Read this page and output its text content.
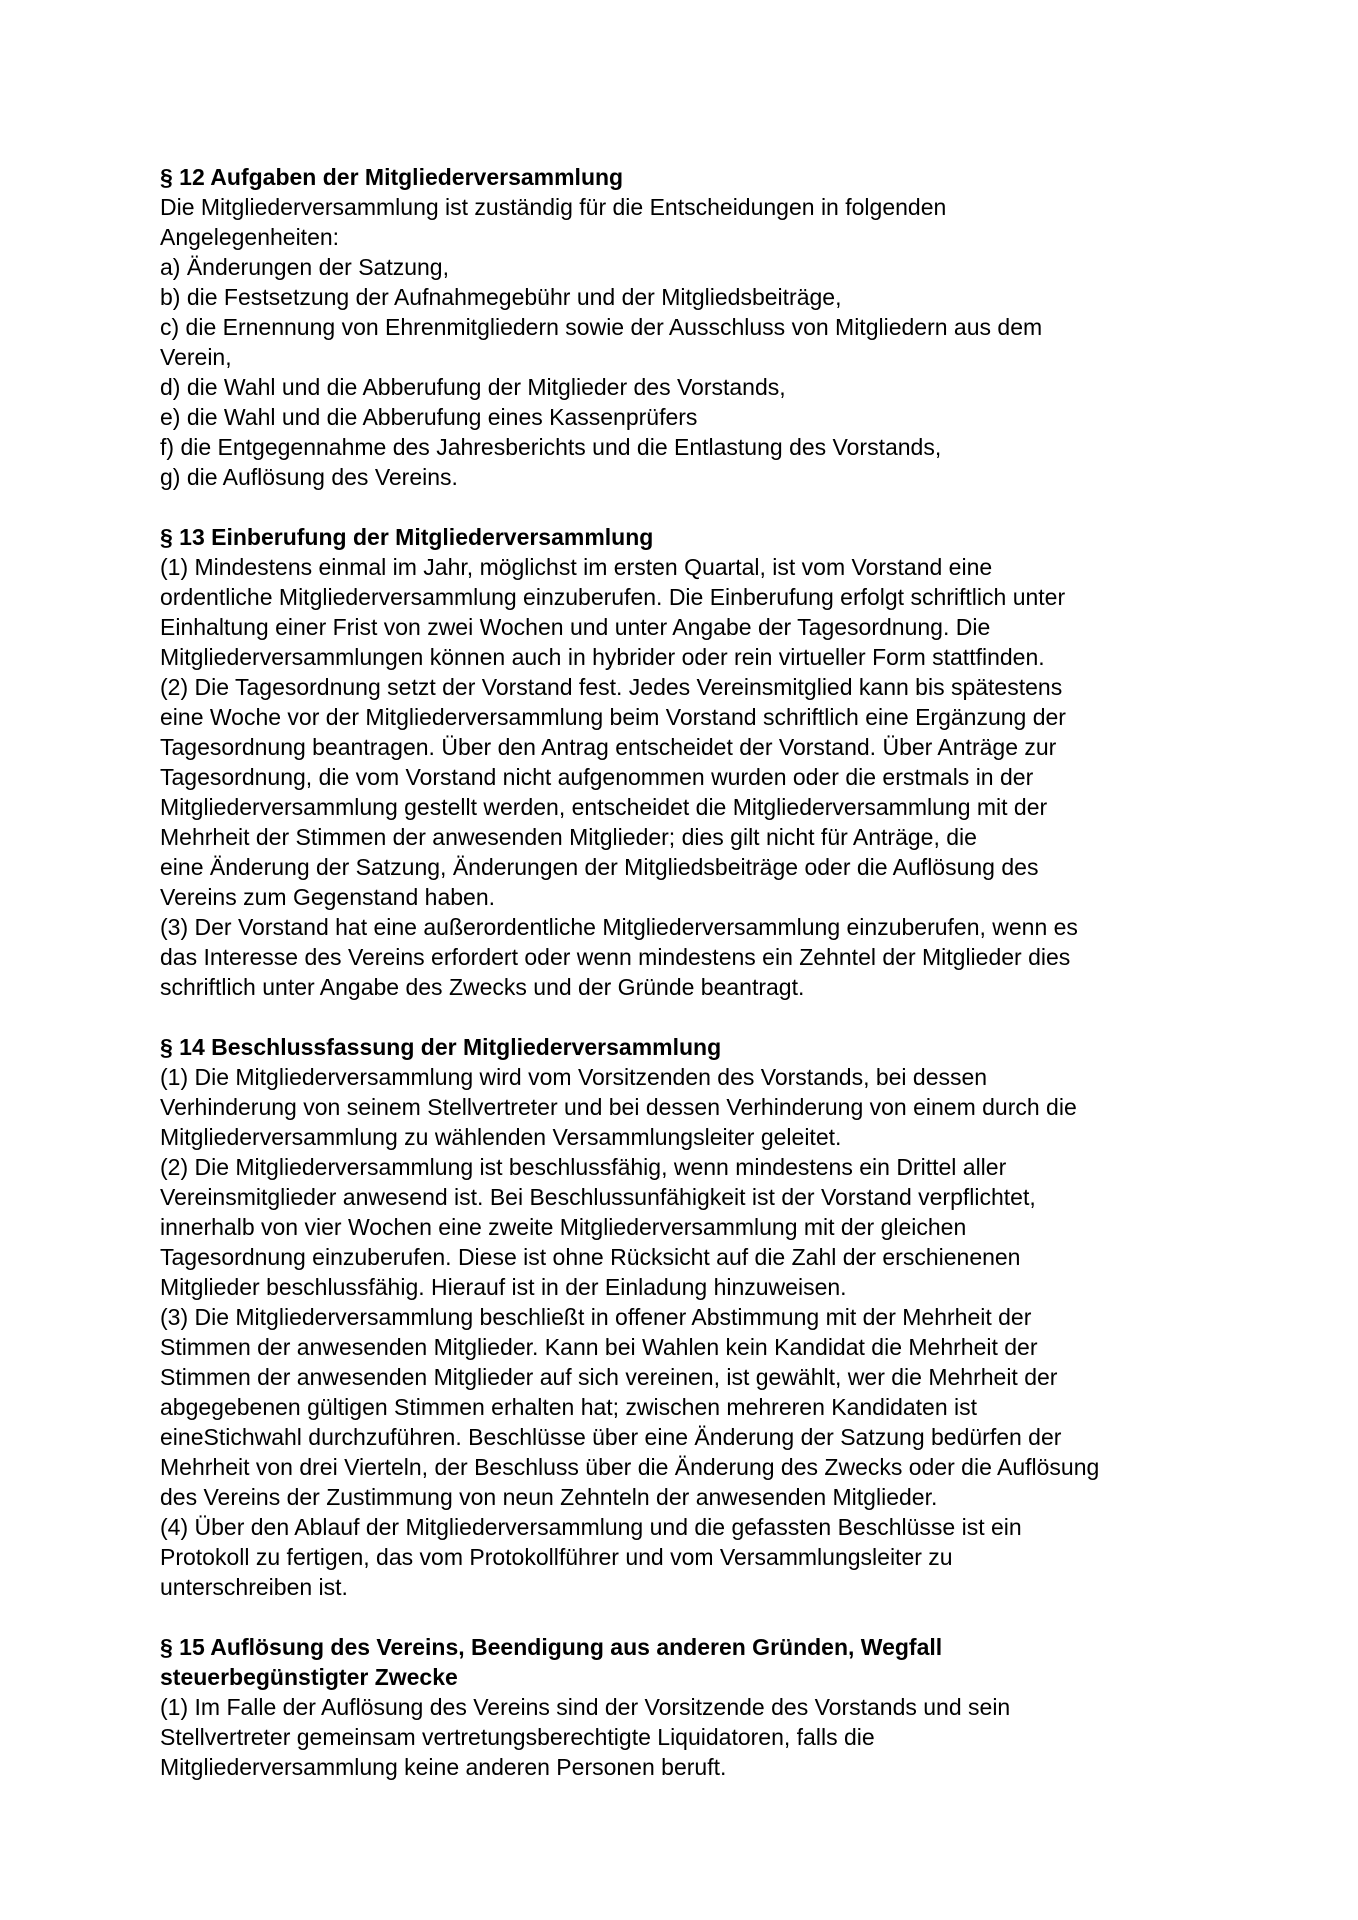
§ 12 Aufgaben der Mitgliederversammlung
Die Mitgliederversammlung ist zuständig für die Entscheidungen in folgenden
Angelegenheiten:
a) Änderungen der Satzung,
b) die Festsetzung der Aufnahmegebühr und der Mitgliedsbeiträge,
c) die Ernennung von Ehrenmitgliedern sowie der Ausschluss von Mitgliedern aus dem
Verein,
d) die Wahl und die Abberufung der Mitglieder des Vorstands,
e) die Wahl und die Abberufung eines Kassenprüfers
f) die Entgegennahme des Jahresberichts und die Entlastung des Vorstands,
g) die Auflösung des Vereins.
§ 13 Einberufung der Mitgliederversammlung
(1) Mindestens einmal im Jahr, möglichst im ersten Quartal, ist vom Vorstand eine
ordentliche Mitgliederversammlung einzuberufen. Die Einberufung erfolgt schriftlich unter
Einhaltung einer Frist von zwei Wochen und unter Angabe der Tagesordnung. Die
Mitgliederversammlungen können auch in hybrider oder rein virtueller Form stattfinden.
(2) Die Tagesordnung setzt der Vorstand fest. Jedes Vereinsmitglied kann bis spätestens
eine Woche vor der Mitgliederversammlung beim Vorstand schriftlich eine Ergänzung der
Tagesordnung beantragen. Über den Antrag entscheidet der Vorstand. Über Anträge zur
Tagesordnung, die vom Vorstand nicht aufgenommen wurden oder die erstmals in der
Mitgliederversammlung gestellt werden, entscheidet die Mitgliederversammlung mit der
Mehrheit der Stimmen der anwesenden Mitglieder; dies gilt nicht für Anträge, die
eine Änderung der Satzung, Änderungen der Mitgliedsbeiträge oder die Auflösung des
Vereins zum Gegenstand haben.
(3) Der Vorstand hat eine außerordentliche Mitgliederversammlung einzuberufen, wenn es
das Interesse des Vereins erfordert oder wenn mindestens ein Zehntel der Mitglieder dies
schriftlich unter Angabe des Zwecks und der Gründe beantragt.
§ 14 Beschlussfassung der Mitgliederversammlung
(1) Die Mitgliederversammlung wird vom Vorsitzenden des Vorstands, bei dessen
Verhinderung von seinem Stellvertreter und bei dessen Verhinderung von einem durch die
Mitgliederversammlung zu wählenden Versammlungsleiter geleitet.
(2) Die Mitgliederversammlung ist beschlussfähig, wenn mindestens ein Drittel aller
Vereinsmitglieder anwesend ist. Bei Beschlussunfähigkeit ist der Vorstand verpflichtet,
innerhalb von vier Wochen eine zweite Mitgliederversammlung mit der gleichen
Tagesordnung einzuberufen. Diese ist ohne Rücksicht auf die Zahl der erschienenen
Mitglieder beschlussfähig. Hierauf ist in der Einladung hinzuweisen.
(3) Die Mitgliederversammlung beschließt in offener Abstimmung mit der Mehrheit der
Stimmen der anwesenden Mitglieder. Kann bei Wahlen kein Kandidat die Mehrheit der
Stimmen der anwesenden Mitglieder auf sich vereinen, ist gewählt, wer die Mehrheit der
abgegebenen gültigen Stimmen erhalten hat; zwischen mehreren Kandidaten ist
eineStichwahl durchzuführen. Beschlüsse über eine Änderung der Satzung bedürfen der
Mehrheit von drei Vierteln, der Beschluss über die Änderung des Zwecks oder die Auflösung
des Vereins der Zustimmung von neun Zehnteln der anwesenden Mitglieder.
(4) Über den Ablauf der Mitgliederversammlung und die gefassten Beschlüsse ist ein
Protokoll zu fertigen, das vom Protokollführer und vom Versammlungsleiter zu
unterschreiben ist.
§ 15 Auflösung des Vereins, Beendigung aus anderen Gründen, Wegfall
steuerbegünstigter Zwecke
(1) Im Falle der Auflösung des Vereins sind der Vorsitzende des Vorstands und sein
Stellvertreter gemeinsam vertretungsberechtigte Liquidatoren, falls die
Mitgliederversammlung keine anderen Personen beruft.
